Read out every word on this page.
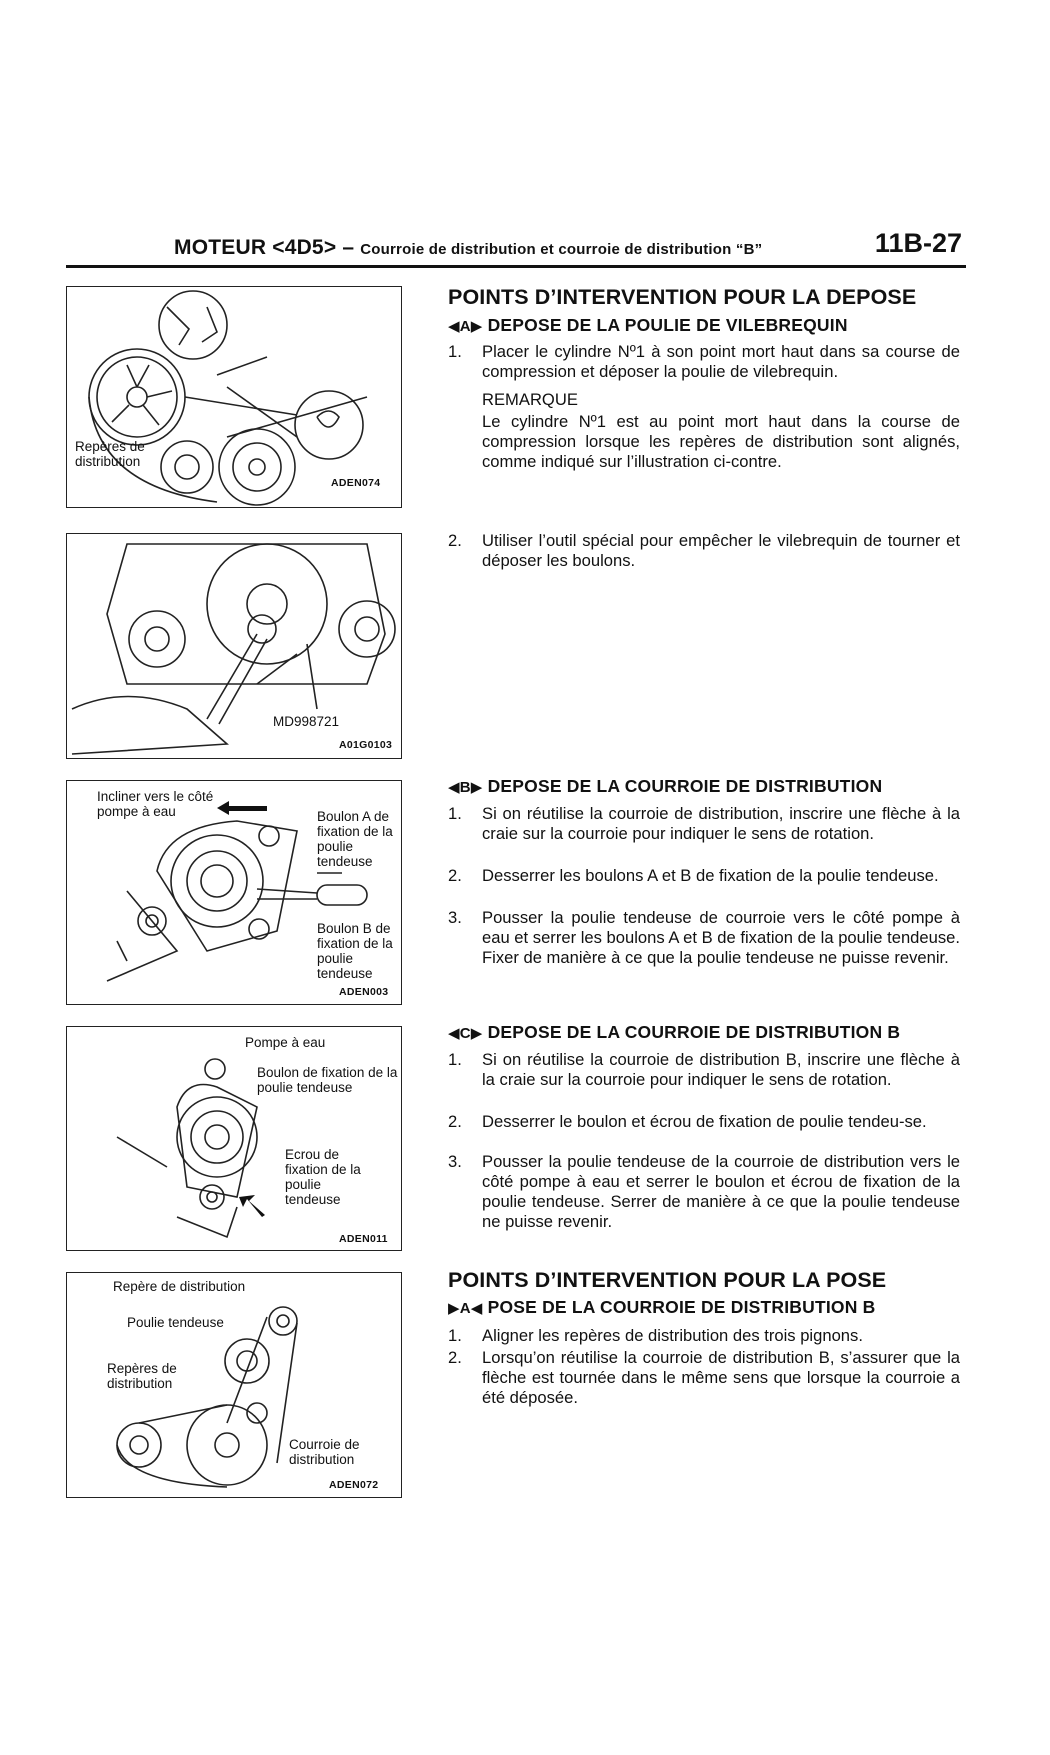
MOTEUR <4D5> – Courroie de distribution et courroie de distribution “B”	11B-27
Repères de distribution
ADEN074
MD998721
A01G0103
Incliner vers le côté pompe à eau	Boulon A de fixation de la poulie tendeuse
Boulon B de fixation de la poulie tendeuse
ADEN003
Pompe à eau
Boulon de fixation de la poulie tendeuse
Ecrou de fixation de la poulie tendeuse
ADEN011
Repère de distribution
Poulie tendeuse
Repères de distribution
Courroie de distribution
ADEN072
POINTS D’INTERVENTION POUR LA DEPOSE
◀A▶ DEPOSE DE LA POULIE DE VILEBREQUIN
1. Placer le cylindre Nº1 à son point mort haut dans sa course de compression et déposer la poulie de vilebrequin.
REMARQUE
Le cylindre Nº1 est au point mort haut dans la course de compression lorsque les repères de distribution sont alignés, comme indiqué sur l’illustration ci-contre.
2. Utiliser l’outil spécial pour empêcher le vilebrequin de tourner et déposer les boulons.
◀B▶ DEPOSE DE LA COURROIE DE DISTRIBUTION
1. Si on réutilise la courroie de distribution, inscrire une flèche à la craie sur la courroie pour indiquer le sens de rotation.
2. Desserrer les boulons A et B de fixation de la poulie tendeuse.
3. Pousser la poulie tendeuse de courroie vers le côté pompe à eau et serrer les boulons A et B de fixation de la poulie tendeuse. Fixer de manière à ce que la poulie tendeuse ne puisse revenir.
◀C▶ DEPOSE DE LA COURROIE DE DISTRIBUTION B
1. Si on réutilise la courroie de distribution B, inscrire une flèche à la craie sur la courroie pour indiquer le sens de rotation.
2. Desserrer le boulon et écrou de fixation de poulie tendeu-se.
3. Pousser la poulie tendeuse de la courroie de distribution vers le côté pompe à eau et serrer le boulon et écrou de fixation de la poulie tendeuse. Serrer de manière à ce que la poulie tendeuse ne puisse revenir.
POINTS D’INTERVENTION POUR LA POSE
▶A◀ POSE DE LA COURROIE DE DISTRIBUTION B
1. Aligner les repères de distribution des trois pignons.
2. Lorsqu’on réutilise la courroie de distribution B, s’assurer que la flèche est tournée dans le même sens que lorsque la courroie a été déposée.
